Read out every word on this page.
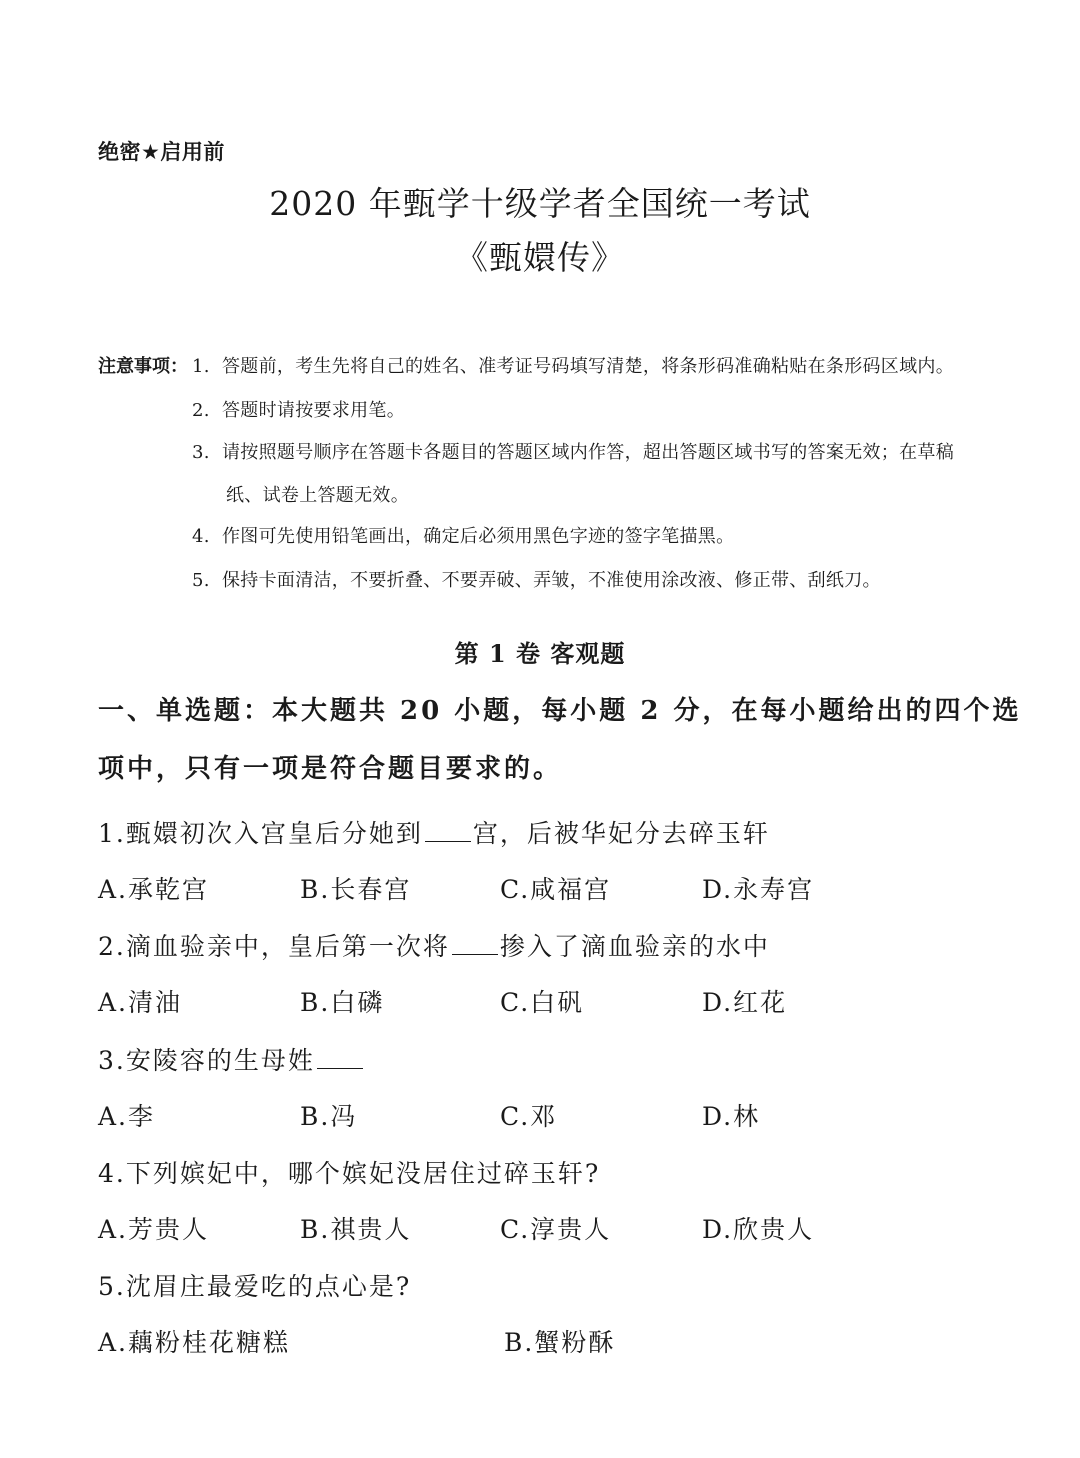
绝密★启用前
2020 年甄学十级学者全国统一考试
《甄嬛传》
注意事项： 1. 答题前，考生先将自己的姓名、准考证号码填写清楚，将条形码准确粘贴在条形码区域内。
2. 答题时请按要求用笔。
3. 请按照题号顺序在答题卡各题目的答题区域内作答，超出答题区域书写的答案无效；在草稿
纸、试卷上答题无效。
4. 作图可先使用铅笔画出，确定后必须用黑色字迹的签字笔描黑。
5. 保持卡面清洁，不要折叠、不要弄破、弄皱，不准使用涂改液、修正带、刮纸刀。
第 1 卷 客观题
一、单选题：本大题共 20 小题，每小题 2 分，在每小题给出的四个选
项中，只有一项是符合题目要求的。
1.甄嬛初次入宫皇后分她到 宫，后被华妃分去碎玉轩
A.承乾宫	B.长春宫	C.咸福宫	D.永寿宫
2.滴血验亲中，皇后第一次将 掺入了滴血验亲的水中
A.清油	B.白磷	C.白矾	D.红花
3.安陵容的生母姓
A.李	B.冯	C.邓	D.林
4.下列嫔妃中，哪个嫔妃没居住过碎玉轩?
A.芳贵人	B.祺贵人	C.淳贵人	D.欣贵人
5.沈眉庄最爱吃的点心是?
A.藕粉桂花糖糕	B.蟹粉酥
